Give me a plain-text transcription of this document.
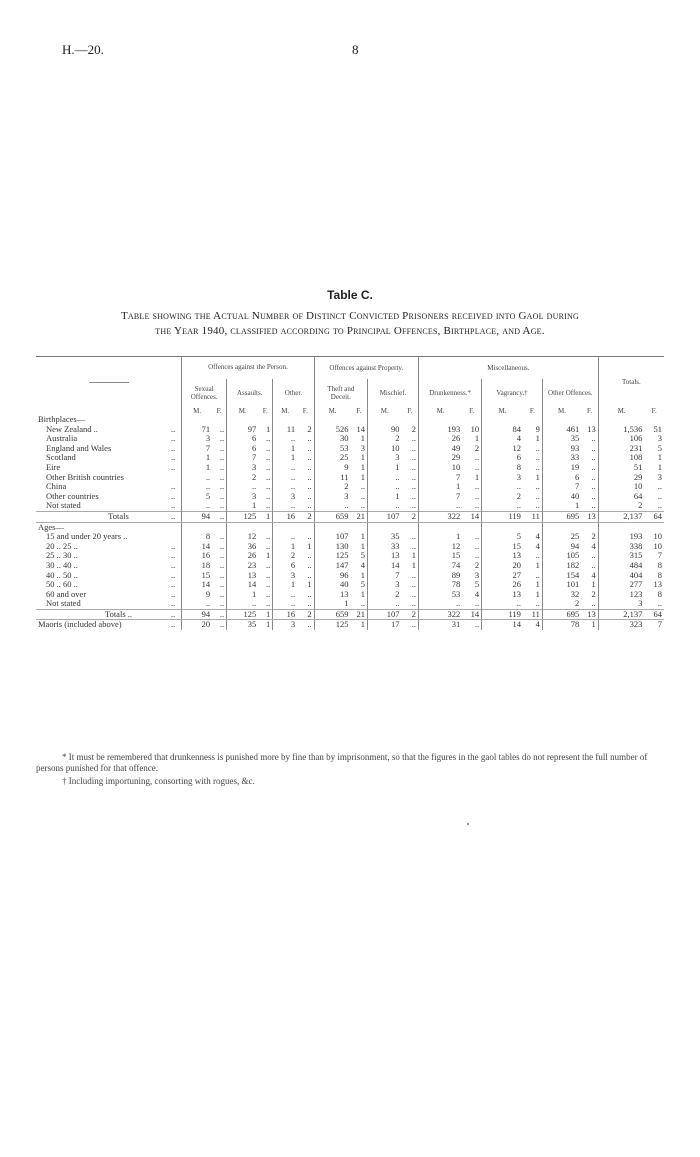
H.—20.	8
Table C.
Table showing the Actual Number of Distinct Convicted Prisoners received into Gaol during
the Year 1940, classified according to Principal Offences, Birthplace, and Age.
	Offences against the Person.						Offences against Property.				Miscellaneous.						Totals.	
	Sexual Offences.		Assaults.		Other.		Theft and Deceit.		Mischief.		Drunkenness.*		Vagrancy.†		Other Offences.			
	M.	F.	M.	F.	M.	F.	M.	F.	M.	F.	M.	F.	M.	F.	M.	F.	M.	F.
Birthplaces—																		
New Zealand .. ..	71	..	97	1	11	2	526	14	90	2	193	10	84	9	461	13	1,536	51
Australia ..	3	..	6	..	..	..	30	1	2	..	26	1	4	1	35	..	106	3
England and Wales ..	7	..	6	..	1	..	53	3	10	..	49	2	12	..	93	..	231	5
Scotland ..	1	..	7	..	1	..	25	1	3	..	29	..	6	..	33	..	108	1
Eire ..	1	..	3	..	..	..	9	1	1	..	10	..	8	..	19	..	51	1
Other British countries	..	..	2	..	..	..	11	1	..	..	7	1	3	1	6	..	29	3
China ..	..	..	..	..	..	..	2	..	..	..	1	..	..	..	7	..	10	..
Other countries ..	5	..	3	..	3	..	3	..	1	..	7	..	2	..	40	..	64	..
Not stated ..	..	..	1	..	..	..	..	..	..	..	..	..	..	..	1	..	2	..
Totals ..	94	..	125	1	16	2	659	21	107	2	322	14	119	11	695	13	2,137	64
Ages—																		
15 and under 20 years ..	8	..	12	..	..	..	107	1	35	..	1	..	5	4	25	2	193	10
20 .. 25 .. ..	14	..	36	..	1	1	130	1	33	..	12	..	15	4	94	4	338	10
25 .. 30 .. ..	16	..	26	1	2	..	125	5	13	1	15	..	13	..	105	..	315	7
30 .. 40 .. ..	18	..	23	..	6	..	147	4	14	1	74	2	20	1	182	..	484	8
40 .. 50 .. ..	15	..	13	..	3	..	96	1	7	..	89	3	27	..	154	4	404	8
50 .. 60 .. ..	14	..	14	..	1	1	40	5	3	..	78	5	26	1	101	1	277	13
60 and over ..	9	..	1	..	..	..	13	1	2	..	53	4	13	1	32	2	123	8
Not stated ..	..	..	..	..	..	..	1	..	..	..	..	..	..	..	2	..	3	..
Totals .. ..	94	..	125	1	16	2	659	21	107	2	322	14	119	11	695	13	2,137	64
Maoris (included above) ..	20	..	35	1	3	..	125	1	17	..	31	..	14	4	78	1	323	7
* It must be remembered that drunkenness is punished more by fine than by imprisonment, so that the figures in the gaol tables do not represent the full number of persons punished for that offence.
† Including importuning, consorting with rogues, &c.
